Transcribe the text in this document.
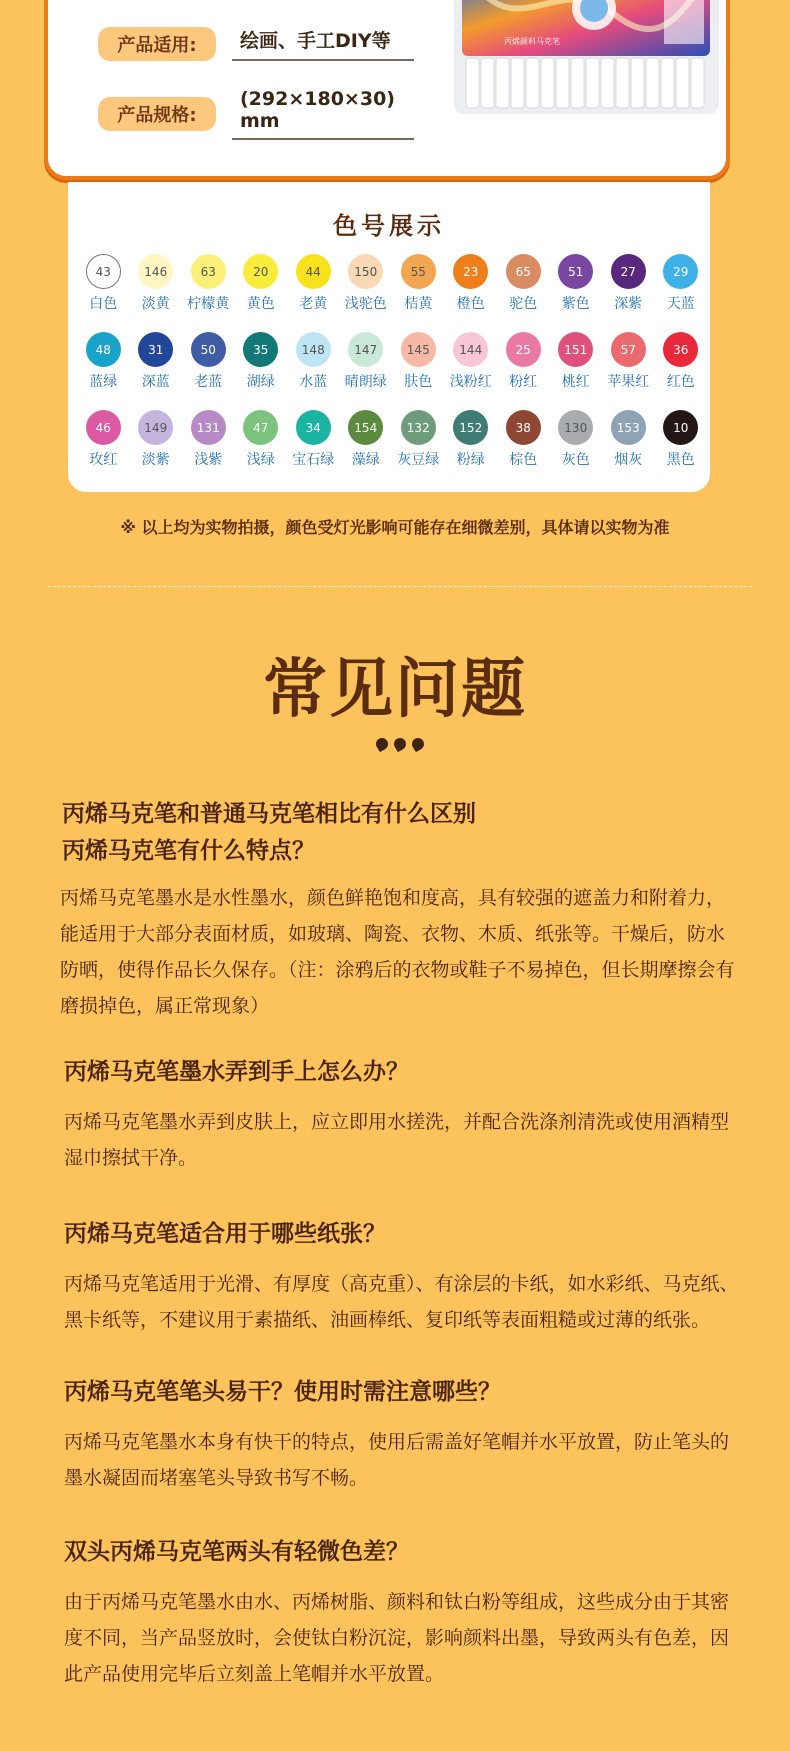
产品适用:	绘画、手工DIY等
产品规格:
(292×180×30) mm
丙烯颜料马克笔
色号展示
43
白色
146
淡黄
63
柠檬黄
20
黄色
44
老黄
150
浅驼色
55
桔黄
23
橙色
65
驼色
51
紫色
27
深紫
29
天蓝
48
蓝绿
31
深蓝
50
老蓝
35
湖绿
148
水蓝
147
晴朗绿
145
肤色
144
浅粉红
25
粉红
151
桃红
57
苹果红
36
红色
46
玫红
149
淡紫
131
浅紫
47
浅绿
34
宝石绿
154
藻绿
132
灰豆绿
152
粉绿
38
棕色
130
灰色
153
烟灰
10
黑色
※ 以上均为实物拍摄，颜色受灯光影响可能存在细微差别，具体请以实物为准
常见问题
丙烯马克笔和普通马克笔相比有什么区别
丙烯马克笔有什么特点？
丙烯马克笔墨水是水性墨水，颜色鲜艳饱和度高，具有较强的遮盖力和附着力，能适用于大部分表面材质，如玻璃、陶瓷、衣物、木质、纸张等。干燥后，防水防晒，使得作品长久保存。（注：涂鸦后的衣物或鞋子不易掉色，但长期摩擦会有磨损掉色，属正常现象）
丙烯马克笔墨水弄到手上怎么办？
丙烯马克笔墨水弄到皮肤上，应立即用水搓洗，并配合洗涤剂清洗或使用酒精型湿巾擦拭干净。
丙烯马克笔适合用于哪些纸张？
丙烯马克笔适用于光滑、有厚度（高克重）、有涂层的卡纸，如水彩纸、马克纸、黑卡纸等，不建议用于素描纸、油画棒纸、复印纸等表面粗糙或过薄的纸张。
丙烯马克笔笔头易干？使用时需注意哪些？
丙烯马克笔墨水本身有快干的特点，使用后需盖好笔帽并水平放置，防止笔头的墨水凝固而堵塞笔头导致书写不畅。
双头丙烯马克笔两头有轻微色差？
由于丙烯马克笔墨水由水、丙烯树脂、颜料和钛白粉等组成，这些成分由于其密度不同，当产品竖放时，会使钛白粉沉淀，影响颜料出墨，导致两头有色差，因此产品使用完毕后立刻盖上笔帽并水平放置。
